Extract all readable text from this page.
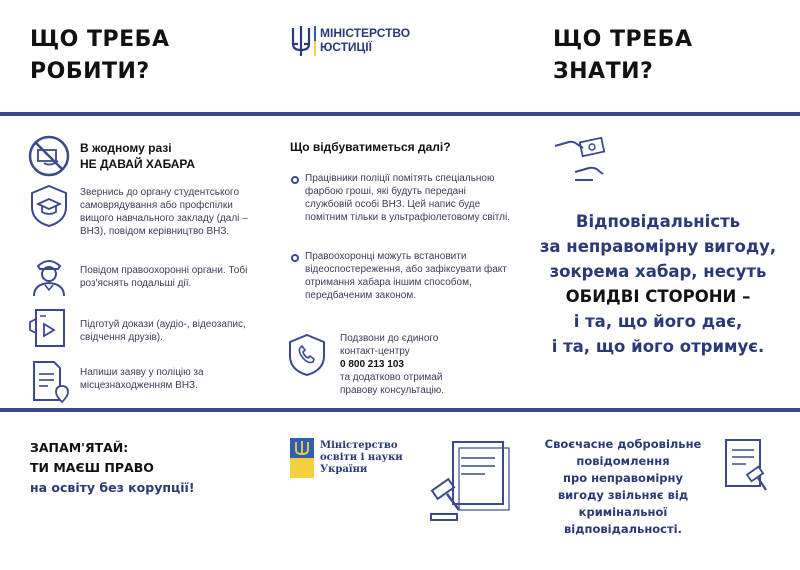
ЩО ТРЕБА
РОБИТИ?
МІНІСТЕРСТВО
ЮСТИЦІЇ	ЩО ТРЕБА
ЗНАТИ?
В жодному разі
НЕ ДАВАЙ ХАБАРА
Звернись до органу студентського самоврядування або профспілки вищого навчального закладу (далі – ВНЗ), повідом керівництво ВНЗ.
Повідом правоохоронні органи. Тобі роз'яснять подальші дії.
Підготуй докази (аудіо-, відеозапис, свідчення друзів).
Напиши заяву у поліцію за місцезнаходженням ВНЗ.
Що відбуватиметься далі?
Працівники поліції помітять спеціальною фарбою гроші, які будуть передані службовій особі ВНЗ. Цей напис буде помітним тільки в ультрафіолетовому світлі.
Правоохоронці можуть встановити відеоспостереження, або зафіксувати факт отримання хабара іншим способом, передбаченим законом.
Подзвони до єдиного
контакт-центру
0 800 213 103
та додатково отримай
правову консультацію.
Відповідальність
за неправомірну вигоду,
зокрема хабар, несуть
ОБИДВІ СТОРОНИ –
і та, що його дає,
і та, що його отримує.
ЗАПАМ'ЯТАЙ:
ТИ МАЄШ ПРАВО
на освіту без корупції!
Міністерство
освіти і науки
України
Своєчасне добровільне
повідомлення
про неправомірну
вигоду звільняє від
кримінальної
відповідальності.
